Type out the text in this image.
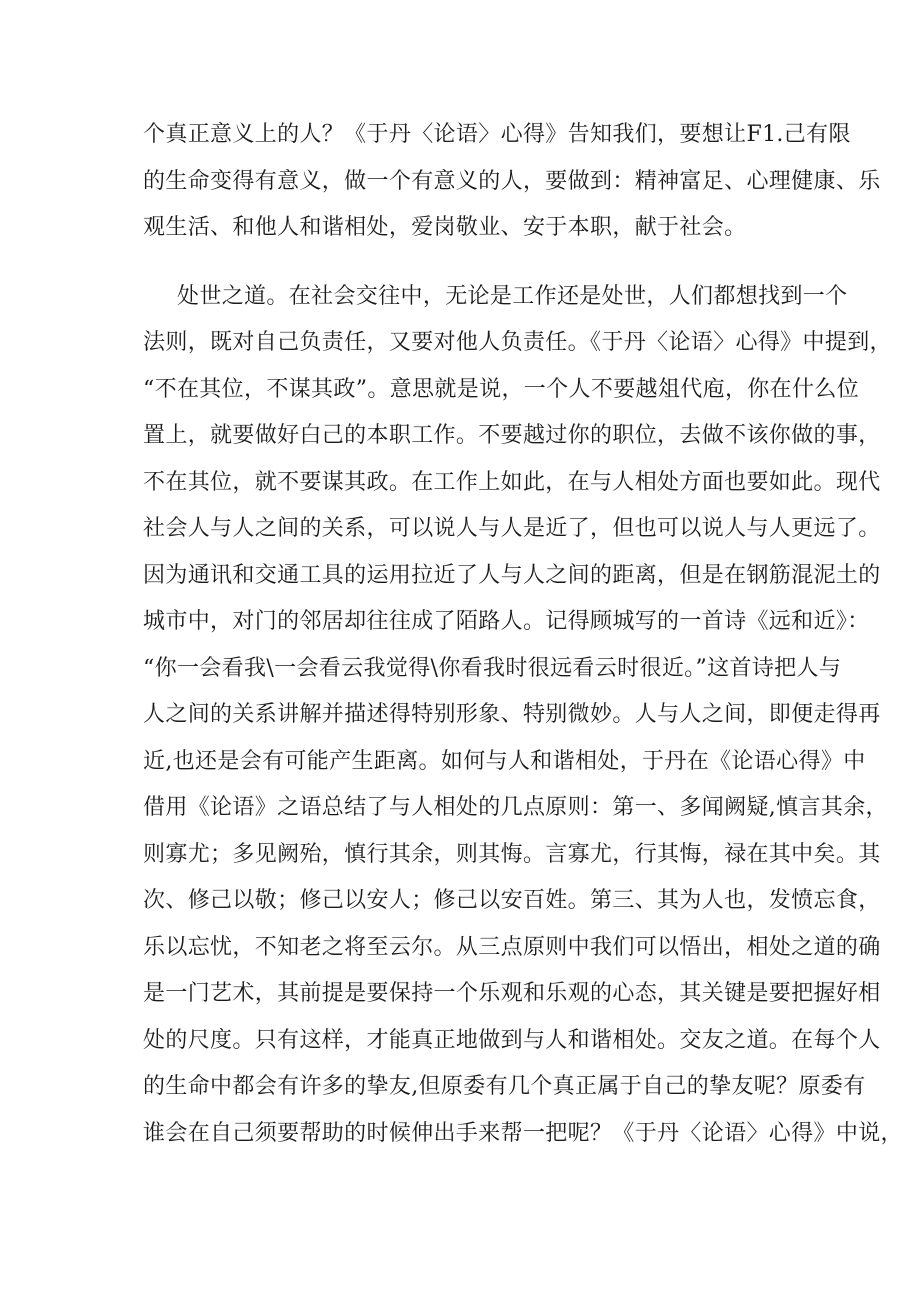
个真正意义上的人？《于丹〈论语〉心得》告知我们，要想让F1.己有限
的生命变得有意义，做一个有意义的人，要做到：精神富足、心理健康、乐
观生活、和他人和谐相处，爱岗敬业、安于本职，献于社会。
处世之道。在社会交往中，无论是工作还是处世，人们都想找到一个
法则，既对自己负责任，又要对他人负责任。《于丹〈论语〉心得》中提到，
“不在其位，不谋其政”。意思就是说，一个人不要越俎代庖，你在什么位
置上，就要做好白己的本职工作。不要越过你的职位，去做不该你做的事，
不在其位，就不要谋其政。在工作上如此，在与人相处方面也要如此。现代
社会人与人之间的关系，可以说人与人是近了，但也可以说人与人更远了。
因为通讯和交通工具的运用拉近了人与人之间的距离，但是在钢筋混泥土的
城市中，对门的邻居却往往成了陌路人。记得顾城写的一首诗《远和近》：
“你一会看我\一会看云我觉得\你看我时很远看云时很近。”这首诗把人与
人之间的关系讲解并描述得特别形象、特别微妙。人与人之间，即便走得再
近,也还是会有可能产生距离。如何与人和谐相处，于丹在《论语心得》中
借用《论语》之语总结了与人相处的几点原则：第一、多闻阙疑,慎言其余，
则寡尤；多见阙殆，慎行其余，则其悔。言寡尤，行其悔，禄在其中矣。其
次、修己以敬；修己以安人；修己以安百姓。第三、其为人也，发愤忘食，
乐以忘忧，不知老之将至云尔。从三点原则中我们可以悟出，相处之道的确
是一门艺术，其前提是要保持一个乐观和乐观的心态，其关键是要把握好相
处的尺度。只有这样，才能真正地做到与人和谐相处。交友之道。在每个人
的生命中都会有许多的挚友,但原委有几个真正属于自己的挚友呢？原委有
谁会在自己须要帮助的时候伸出手来帮一把呢？《于丹〈论语〉心得》中说，
